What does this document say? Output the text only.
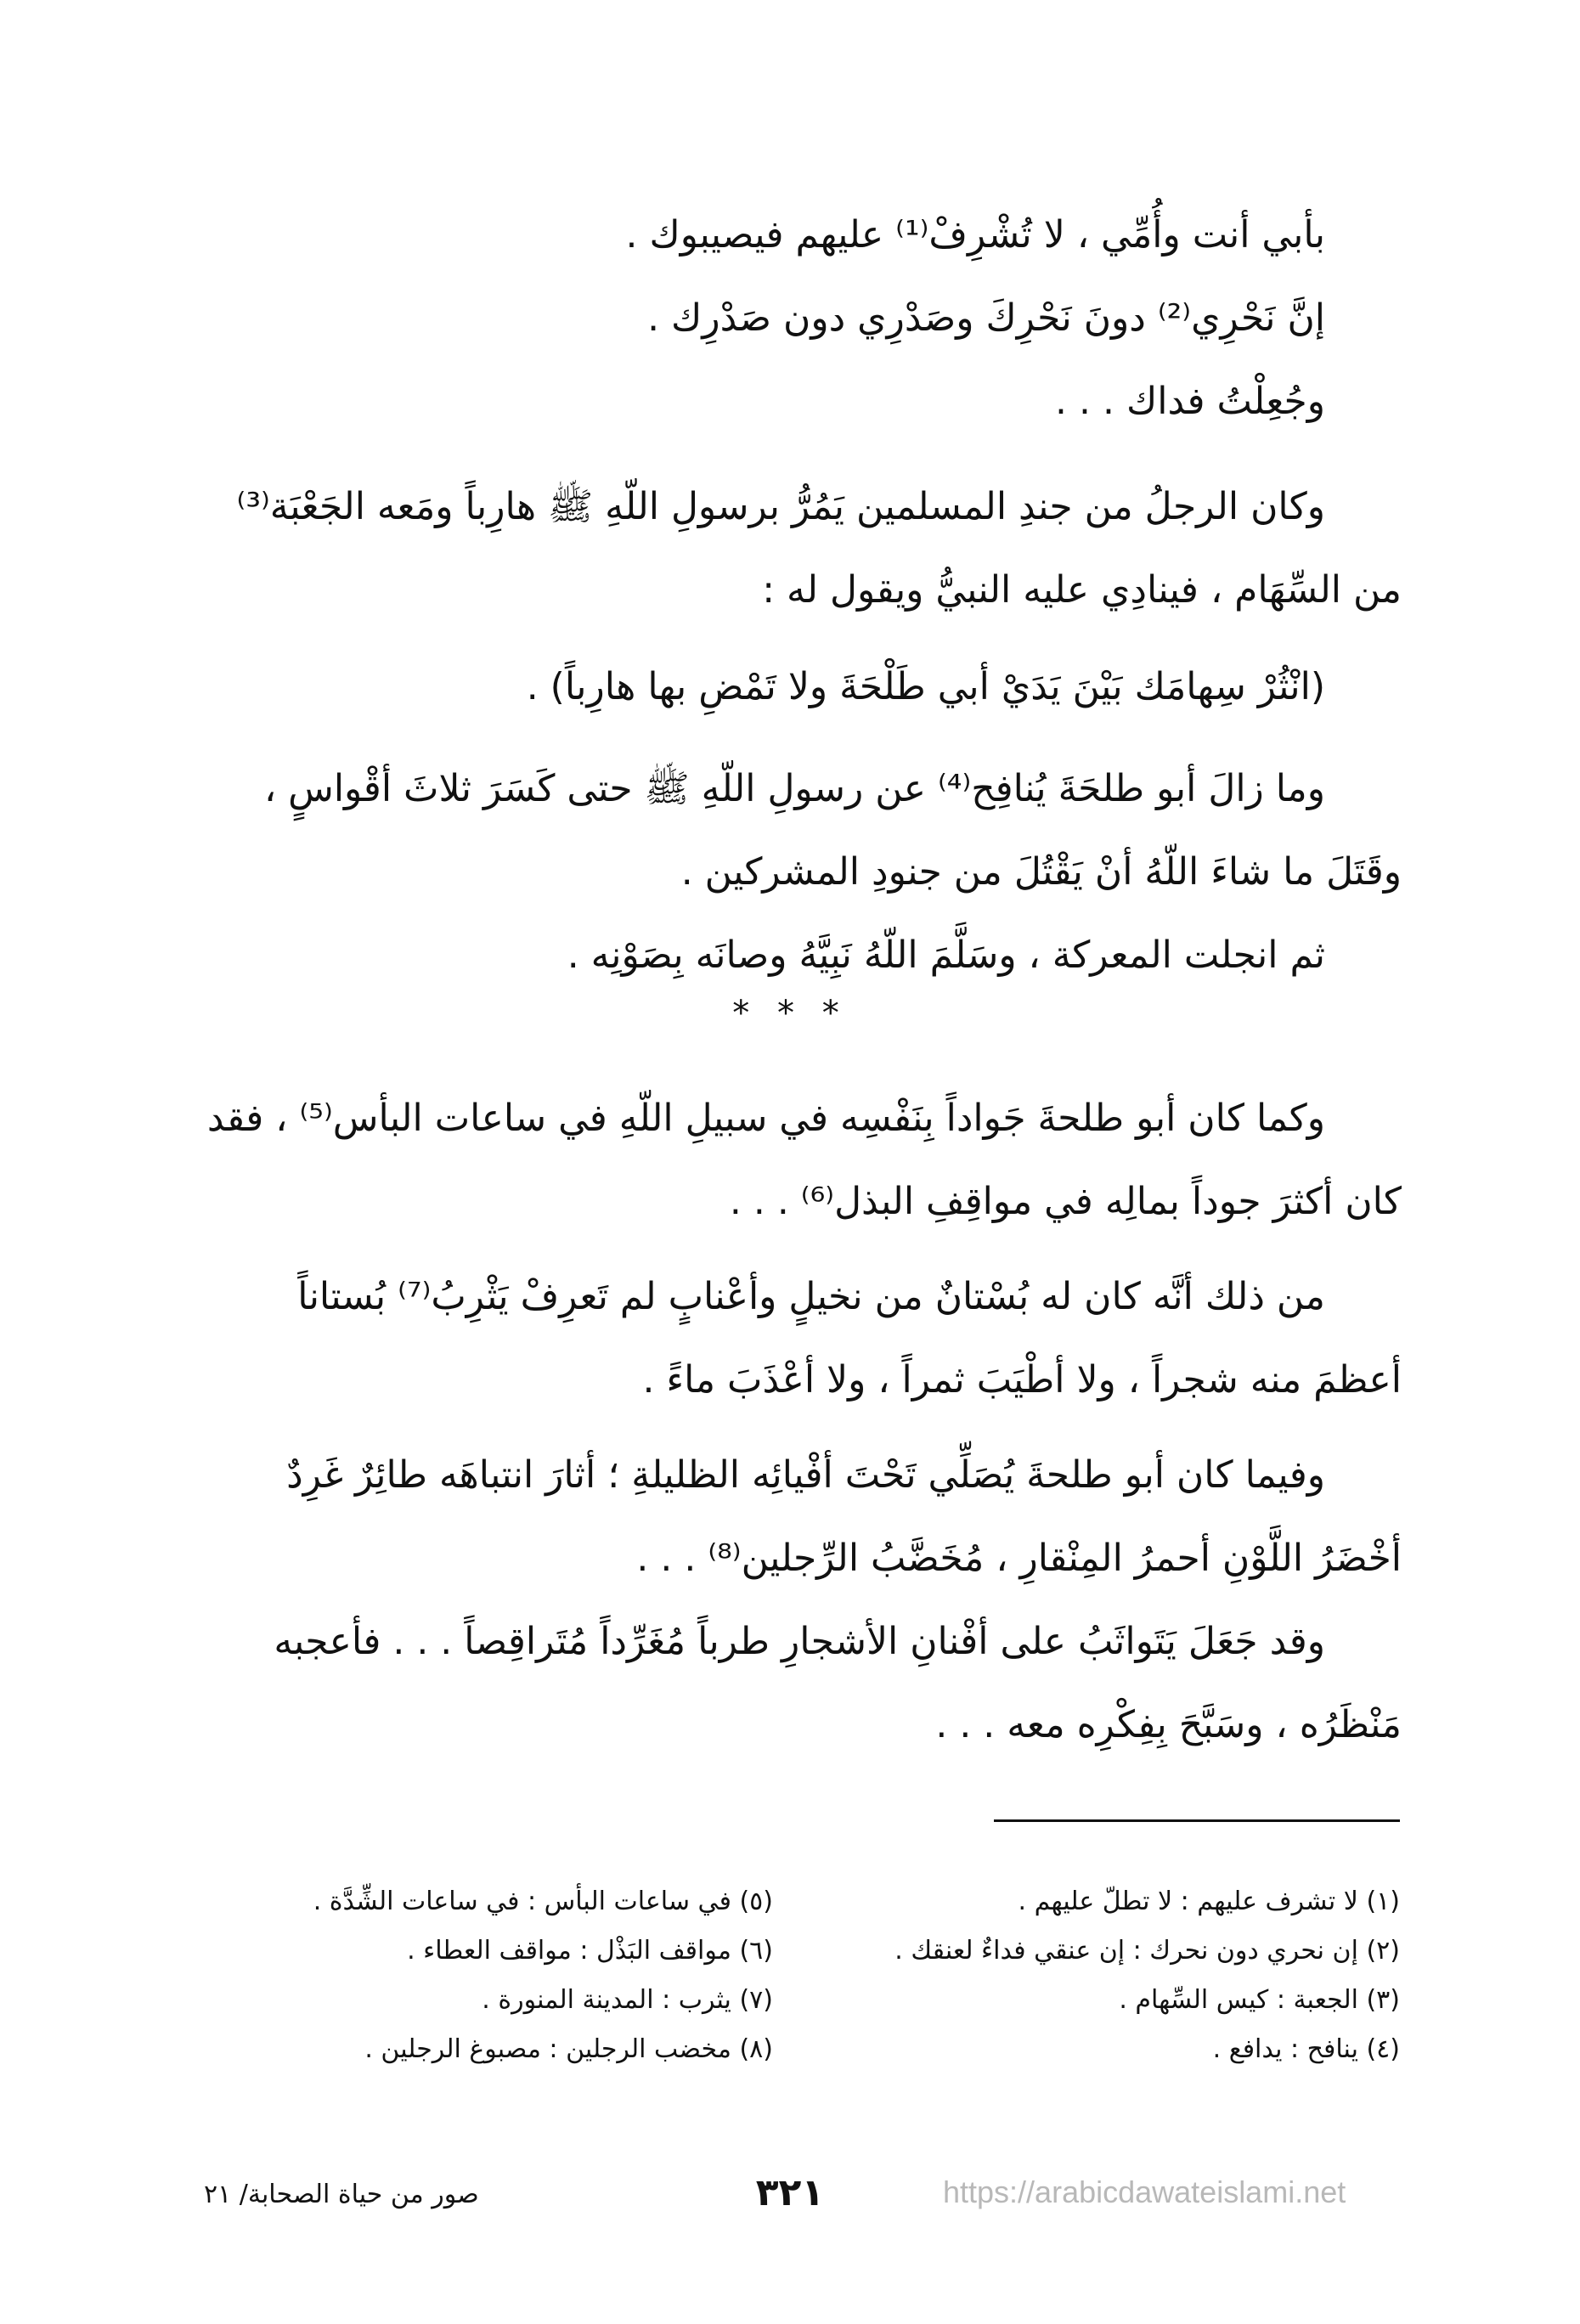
بأبي أنت وأُمِّي ، لا تُشْرِفْ⁽¹⁾ عليهم فيصيبوك .
إنَّ نَحْرِي⁽²⁾ دونَ نَحْرِكَ وصَدْرِي دون صَدْرِك .
وجُعِلْتُ فداك . . .
وكان الرجلُ من جندِ المسلمين يَمُرُّ برسولِ اللّهِ ﷺ هارِباً ومَعه الجَعْبَة⁽³⁾
من السِّهَام ، فينادِي عليه النبيُّ ويقول له :
(انْثُرْ سِهامَك بَيْنَ يَدَيْ أبي طَلْحَةَ ولا تَمْضِ بها هارِباً) .
وما زالَ أبو طلحَةَ يُنافِح⁽⁴⁾ عن رسولِ اللّهِ ﷺ حتى كَسَرَ ثلاثَ أقْواسٍ ،
وقَتَلَ ما شاءَ اللّهُ أنْ يَقْتُلَ من جنودِ المشركين .
ثم انجلت المعركة ، وسَلَّمَ اللّهُ نَبِيَّهُ وصانَه بِصَوْنِه .
* * *
وكما كان أبو طلحةَ جَواداً بِنَفْسِه في سبيلِ اللّهِ في ساعات البأس⁽⁵⁾ ، فقد
كان أكثرَ جوداً بمالِه في مواقِفِ البذل⁽⁶⁾ . . .
من ذلك أنَّه كان له بُسْتانٌ من نخيلٍ وأعْنابٍ لم تَعرِفْ يَثْرِبُ⁽⁷⁾ بُستاناً
أعظمَ منه شجراً ، ولا أطْيَبَ ثمراً ، ولا أعْذَبَ ماءً .
وفيما كان أبو طلحةَ يُصَلِّي تَحْتَ أفْيائِه الظليلةِ ؛ أثارَ انتباهَه طائِرٌ غَرِدٌ
أخْضَرُ اللَّوْنِ أحمرُ المِنْقارِ ، مُخَضَّبُ الرِّجلين⁽⁸⁾ . . .
وقد جَعَلَ يَتَواثَبُ على أفْنانِ الأشجارِ طرباً مُغَرِّداً مُتَراقِصاً . . . فأعجبه
مَنْظَرُه ، وسَبَّحَ بِفِكْرِه معه . . .
(١) لا تشرف عليهم : لا تطلّ عليهم .
(٢) إن نحري دون نحرك : إن عنقي فداءٌ لعنقك .
(٣) الجعبة : كيس السِّهام .
(٤) ينافح : يدافع .
(٥) في ساعات البأس : في ساعات الشِّدَّة .
(٦) مواقف البَذْل : مواقف العطاء .
(٧) يثرب : المدينة المنورة .
(٨) مخضب الرجلين : مصبوغ الرجلين .
٣٢١
صور من حياة الصحابة/ ٢١	https://arabicdawateislami.net
